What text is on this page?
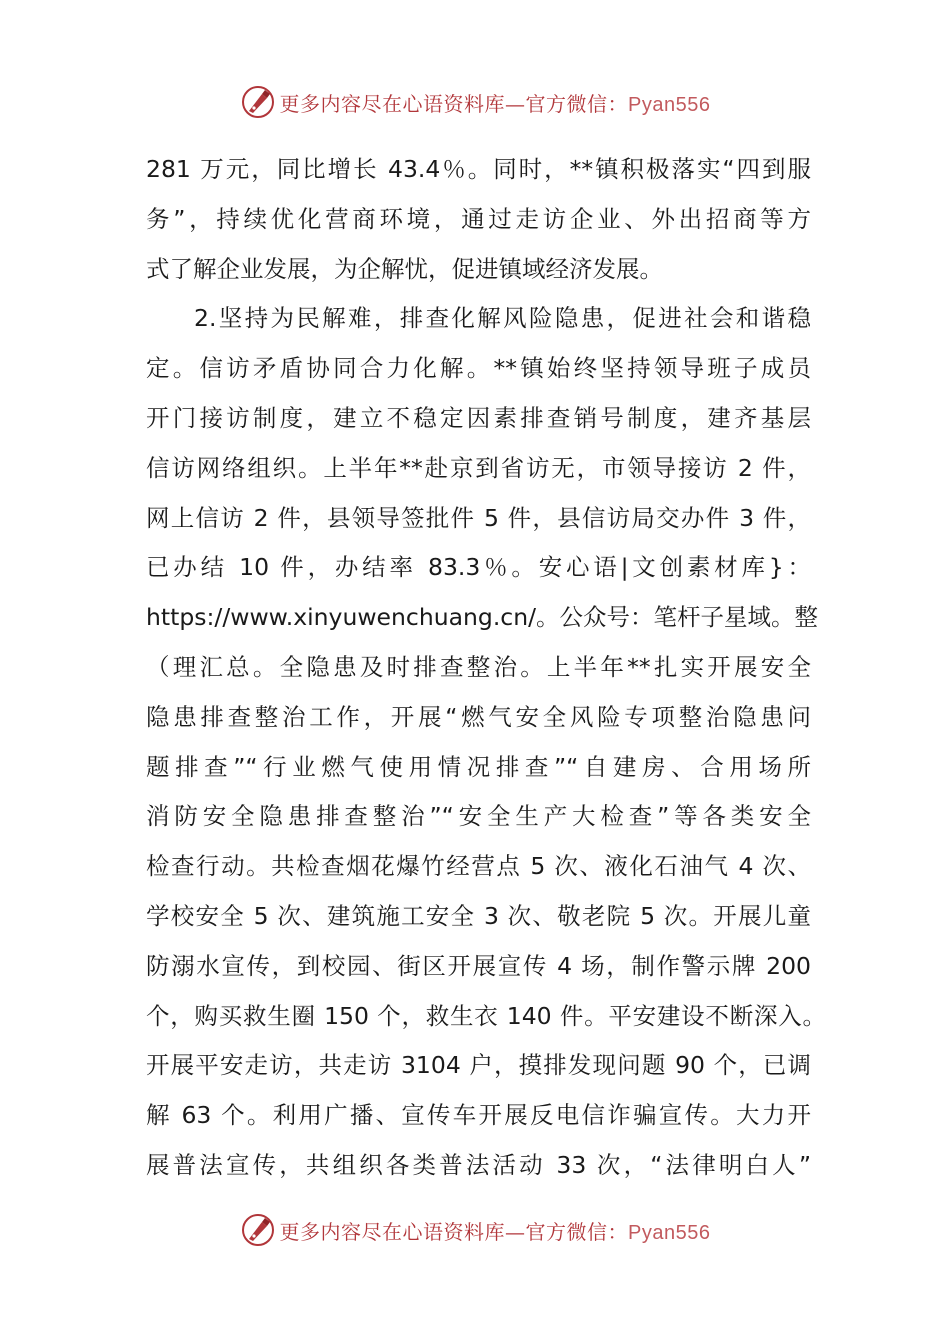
更多内容尽在心语资料库—官方微信：Pyan556
281 万元，同比增长 43.4％。同时，**镇积极落实“四到服
务”，持续优化营商环境，通过走访企业、外出招商等方
式了解企业发展，为企解忧，促进镇域经济发展。
2.坚持为民解难，排查化解风险隐患，促进社会和谐稳
定。信访矛盾协同合力化解。**镇始终坚持领导班子成员
开门接访制度，建立不稳定因素排查销号制度，建齐基层
信访网络组织。上半年**赴京到省访无，市领导接访 2 件，
网上信访 2 件，县领导签批件 5 件，县信访局交办件 3 件，
已办结 10 件，办结率 83.3％。安心语|文创素材库}：
https://www.xinyuwenchuang.cn/。公众号：笔杆子星域。整
（理汇总。全隐患及时排查整治。上半年**扎实开展安全
隐患排查整治工作，开展“燃气安全风险专项整治隐患问
题排查”“行业燃气使用情况排查”“自建房、合用场所
消防安全隐患排查整治”“安全生产大检查”等各类安全
检查行动。共检查烟花爆竹经营点 5 次、液化石油气 4 次、
学校安全 5 次、建筑施工安全 3 次、敬老院 5 次。开展儿童
防溺水宣传，到校园、街区开展宣传 4 场，制作警示牌 200
个，购买救生圈 150 个，救生衣 140 件。平安建设不断深入。
开展平安走访，共走访 3104 户，摸排发现问题 90 个，已调
解 63 个。利用广播、宣传车开展反电信诈骗宣传。大力开
展普法宣传，共组织各类普法活动 33 次，“法律明白人”
更多内容尽在心语资料库—官方微信：Pyan556
